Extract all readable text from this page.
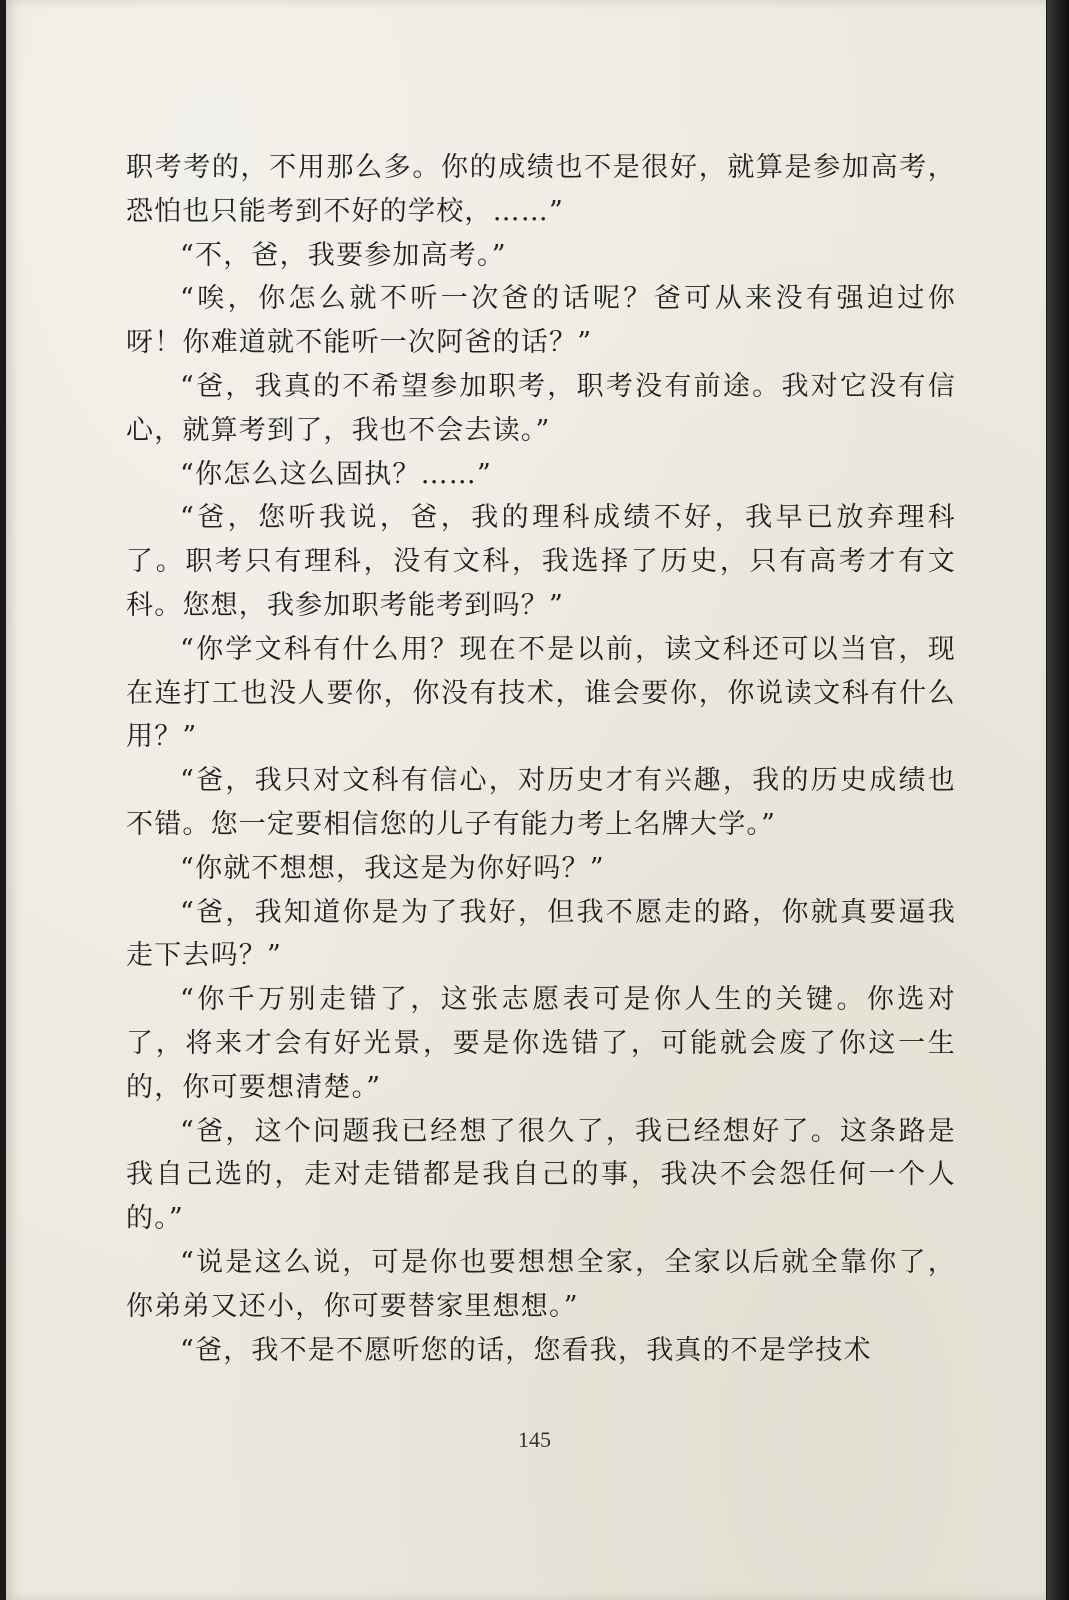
职考考的，不用那么多。你的成绩也不是很好，就算是参加高考，恐怕也只能考到不好的学校，……”

“不，爸，我要参加高考。”

“唉，你怎么就不听一次爸的话呢？爸可从来没有强迫过你呀！你难道就不能听一次阿爸的话？”

“爸，我真的不希望参加职考，职考没有前途。我对它没有信心，就算考到了，我也不会去读。”

“你怎么这么固执？……”

“爸，您听我说，爸，我的理科成绩不好，我早已放弃理科了。职考只有理科，没有文科，我选择了历史，只有高考才有文科。您想，我参加职考能考到吗？”

“你学文科有什么用？现在不是以前，读文科还可以当官，现在连打工也没人要你，你没有技术，谁会要你，你说读文科有什么用？”

“爸，我只对文科有信心，对历史才有兴趣，我的历史成绩也不错。您一定要相信您的儿子有能力考上名牌大学。”

“你就不想想，我这是为你好吗？”

“爸，我知道你是为了我好，但我不愿走的路，你就真要逼我走下去吗？”

“你千万别走错了，这张志愿表可是你人生的关键。你选对了，将来才会有好光景，要是你选错了，可能就会废了你这一生的，你可要想清楚。”

“爸，这个问题我已经想了很久了，我已经想好了。这条路是我自己选的，走对走错都是我自己的事，我决不会怨任何一个人的。”

“说是这么说，可是你也要想想全家，全家以后就全靠你了，你弟弟又还小，你可要替家里想想。”

“爸，我不是不愿听您的话，您看我，我真的不是学技术

145
